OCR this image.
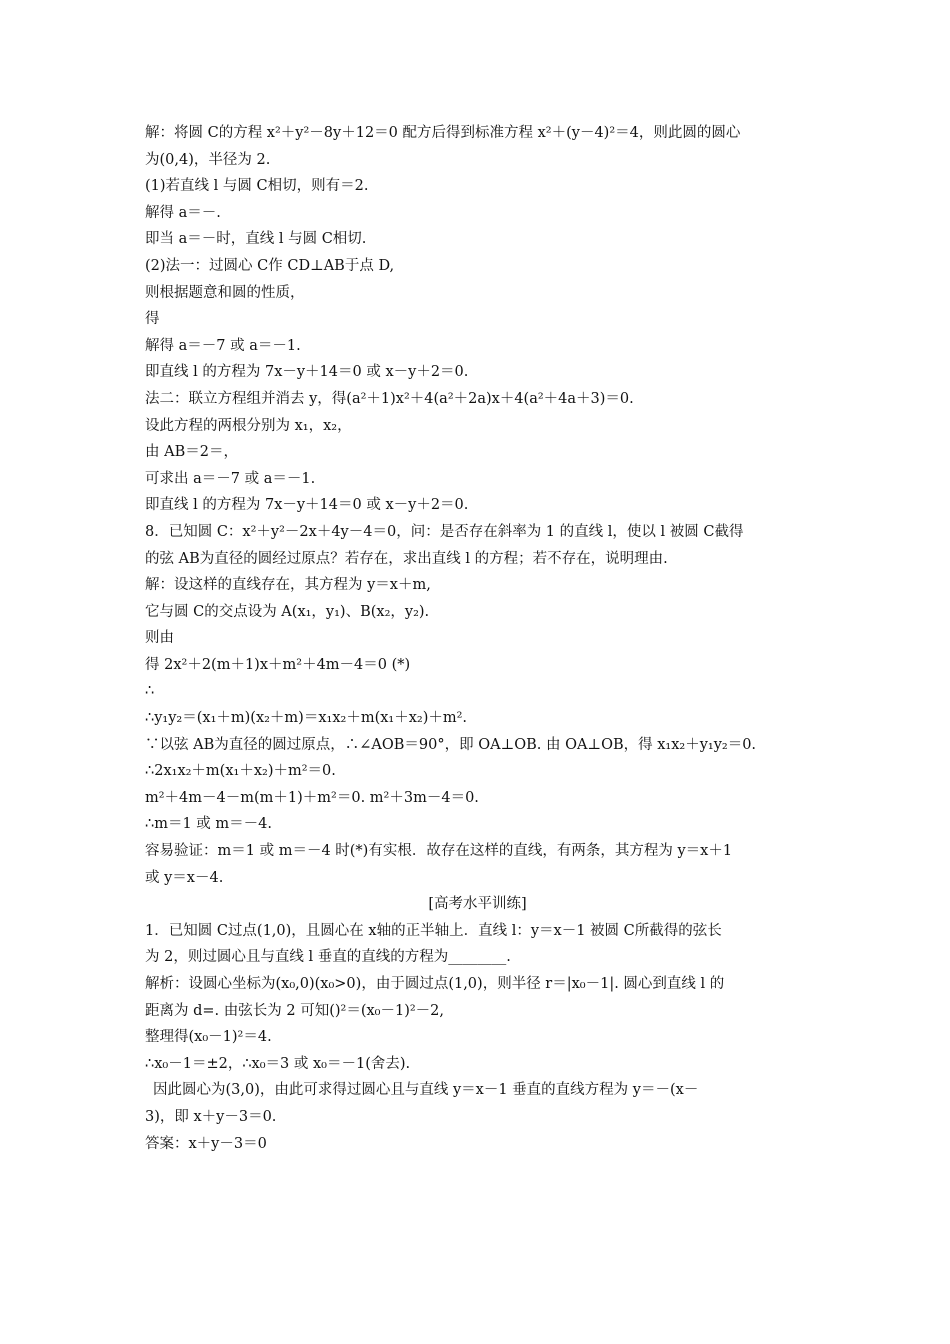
解：将圆 C的方程 x²＋y²－8y＋12＝0 配方后得到标准方程 x²＋(y－4)²＝4，则此圆的圆心
为(0,4)，半径为 2.
(1)若直线 l 与圆 C相切，则有＝2.
解得 a＝－.
即当 a＝－时，直线 l 与圆 C相切.
(2)法一：过圆心 C作 CD⊥AB于点 D,
则根据题意和圆的性质，
得
解得 a＝－7 或 a＝－1.
即直线 l 的方程为 7x－y＋14＝0 或 x－y＋2＝0.
法二：联立方程组并消去 y，得(a²＋1)x²＋4(a²＋2a)x＋4(a²＋4a＋3)＝0.
设此方程的两根分别为 x₁，x₂，
由 AB＝2＝，
可求出 a＝－7 或 a＝－1.
即直线 l 的方程为 7x－y＋14＝0 或 x－y＋2＝0.
8．已知圆 C：x²＋y²－2x＋4y－4＝0，问：是否存在斜率为 1 的直线 l，使以 l 被圆 C截得
的弦 AB为直径的圆经过原点？若存在，求出直线 l 的方程；若不存在，说明理由.
解：设这样的直线存在，其方程为 y＝x＋m,
它与圆 C的交点设为 A(x₁，y₁)、B(x₂，y₂).
则由
得 2x²＋2(m＋1)x＋m²＋4m－4＝0 (*)
∴
∴y₁y₂＝(x₁＋m)(x₂＋m)＝x₁x₂＋m(x₁＋x₂)＋m².
∵以弦 AB为直径的圆过原点，∴∠AOB＝90°，即 OA⊥OB. 由 OA⊥OB，得 x₁x₂＋y₁y₂＝0.
∴2x₁x₂＋m(x₁＋x₂)＋m²＝0.
m²＋4m－4－m(m＋1)＋m²＝0. m²＋3m－4＝0.
∴m＝1 或 m＝－4.
容易验证：m＝1 或 m＝－4 时(*)有实根．故存在这样的直线，有两条，其方程为 y＝x＋1
或 y＝x－4.
[高考水平训练]
1．已知圆 C过点(1,0)，且圆心在 x轴的正半轴上．直线 l：y＝x－1 被圆 C所截得的弦长
为 2，则过圆心且与直线 l 垂直的直线的方程为________.
解析：设圆心坐标为(x₀,0)(x₀>0)，由于圆过点(1,0)，则半径 r＝|x₀－1|. 圆心到直线 l 的
距离为 d=. 由弦长为 2 可知()²＝(x₀－1)²－2,
整理得(x₀－1)²＝4.
∴x₀－1＝±2，∴x₀＝3 或 x₀＝－1(舍去).
因此圆心为(3,0)，由此可求得过圆心且与直线 y＝x－1 垂直的直线方程为 y＝－(x－
3)，即 x＋y－3＝0.
答案：x＋y－3＝0
